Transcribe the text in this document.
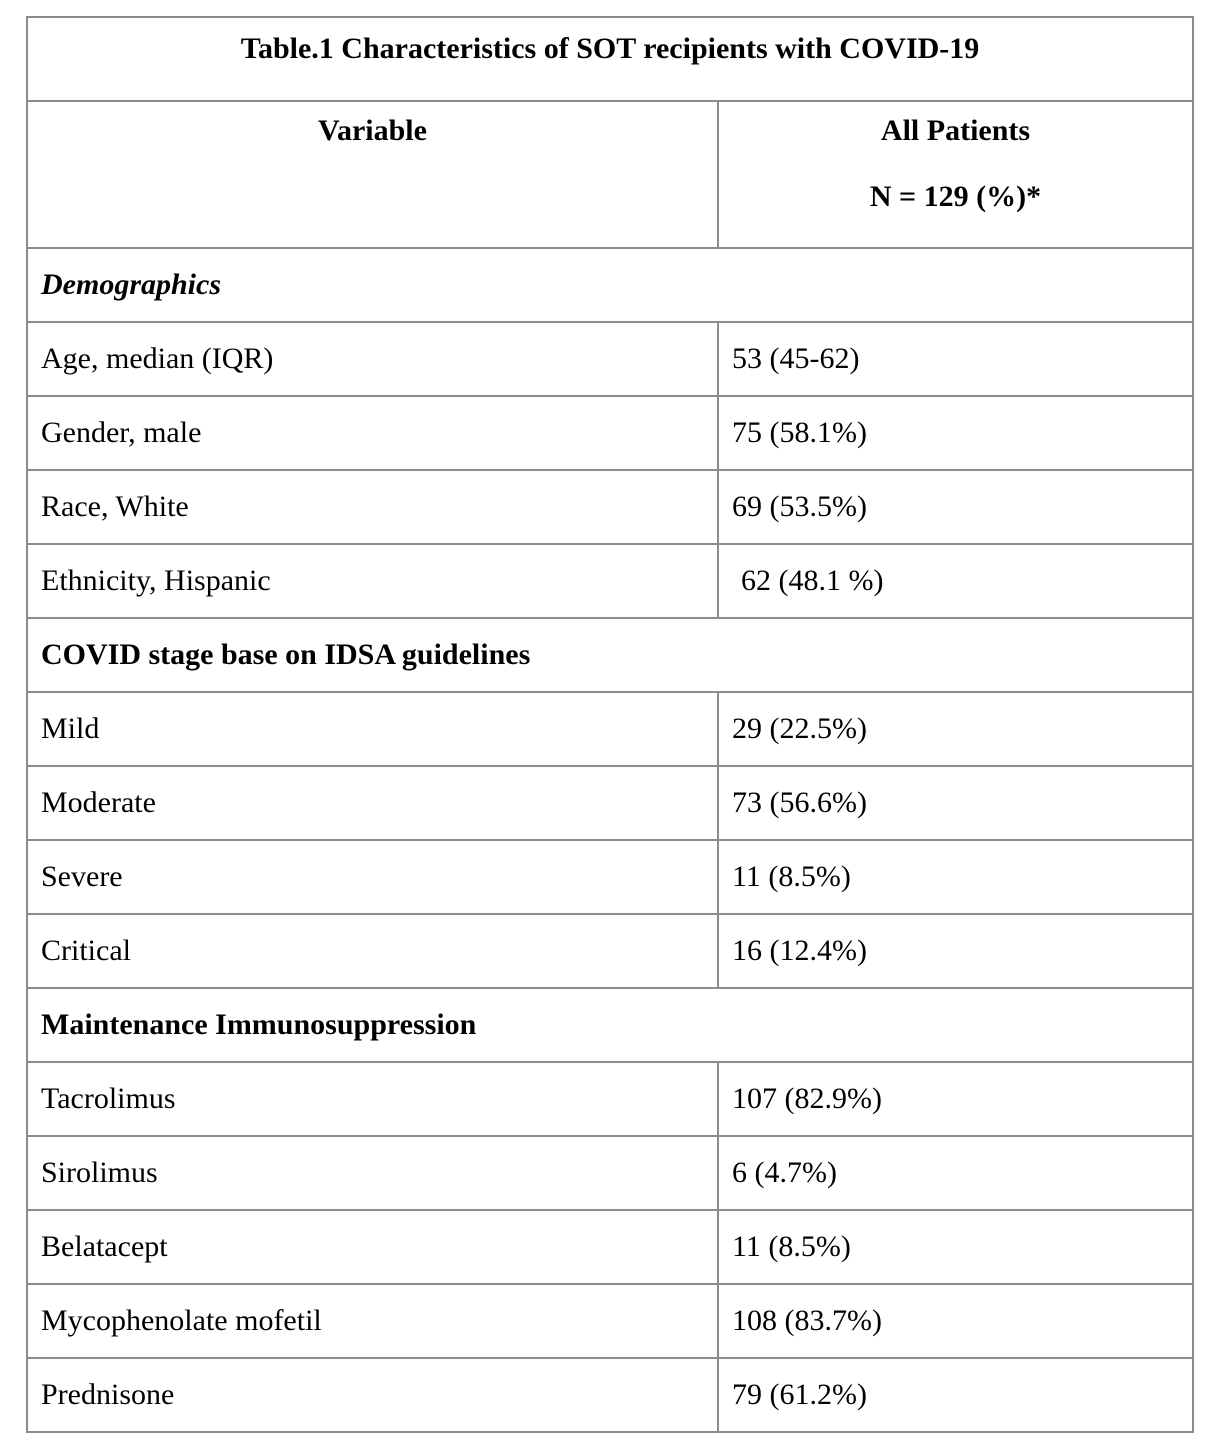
Table.1 Characteristics of SOT recipients with COVID-19	

Variable	All Patients
N = 129 (%)*

Demographics	
Age, median (IQR)	53 (45-62)
Gender, male	75 (58.1%)
Race, White	69 (53.5%)
Ethnicity, Hispanic	62 (48.1 %)
COVID stage base on IDSA guidelines	
Mild	29 (22.5%)
Moderate	73 (56.6%)
Severe	11 (8.5%)
Critical	16 (12.4%)
Maintenance Immunosuppression	
Tacrolimus	107 (82.9%)
Sirolimus	6 (4.7%)
Belatacept	11 (8.5%)
Mycophenolate mofetil	108 (83.7%)
Prednisone	79 (61.2%)
